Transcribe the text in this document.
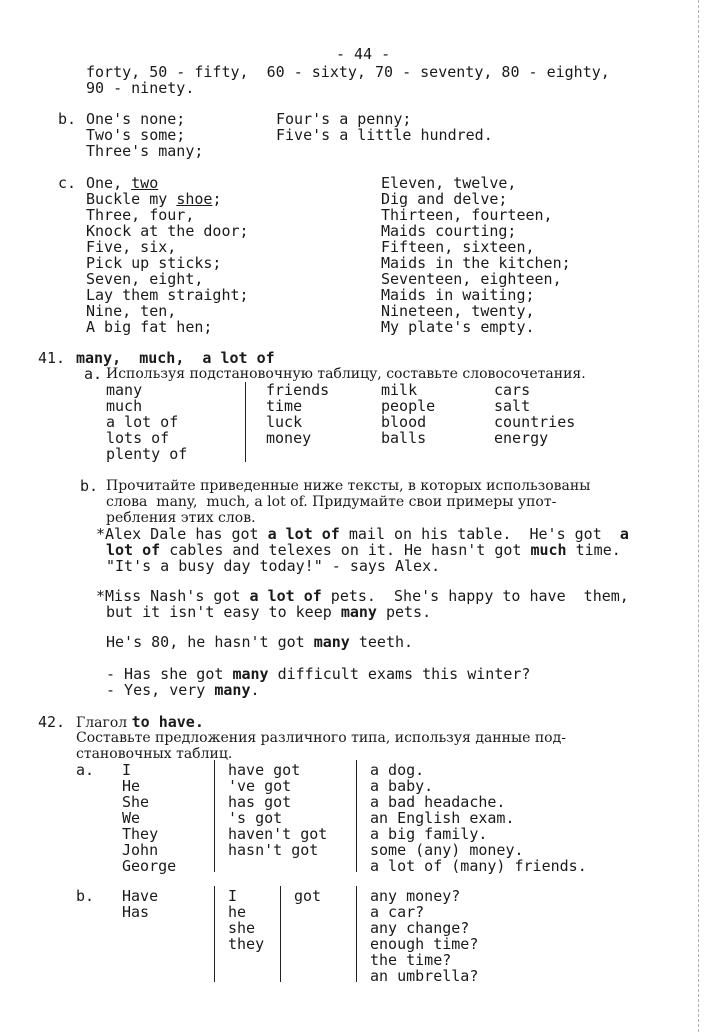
- 44 -
forty, 50 - fifty,  60 - sixty, 70 - seventy, 80 - eighty,
90 - ninety.
b. One's none;
Two's some;
Three's many;
Four's a penny;
Five's a little hundred.
c. One, two
Buckle my shoe;
Three, four,
Knock at the door;
Five, six,
Pick up sticks;
Seven, eight,
Lay them straight;
Nine, ten,
A big fat hen;
Eleven, twelve,
Dig and delve;
Thirteen, fourteen,
Maids courting;
Fifteen, sixteen,
Maids in the kitchen;
Seventeen, eighteen,
Maids in waiting;
Nineteen, twenty,
My plate's empty.
41. many,  much,  a lot of
a. Используя подстановочную таблицу, составьте словосочетания.
many
much
a lot of
lots of
plenty of
friends
time
luck
money
milk
people
blood
balls
cars
salt
countries
energy
b. Прочитайте приведенные ниже тексты, в которых использованы
слова  many,  much, a lot of. Придумайте свои примеры упот-
ребления этих слов.
*Alex Dale has got a lot of mail on his table.  He's got  a
lot of cables and telexes on it. He hasn't got much time.
"It's a busy day today!" - says Alex.
*Miss Nash's got a lot of pets.  She's happy to have  them,
but it isn't easy to keep many pets.
He's 80, he hasn't got many teeth.
- Has she got many difficult exams this winter?
- Yes, very many.
42. Глагол to have.
Составьте предложения различного типа, используя данные под-
становочных таблиц.
a. I
He
She
We
They
John
George
have got
've got
has got
's got
haven't got
hasn't got
a dog.
a baby.
a bad headache.
an English exam.
a big family.
some (any) money.
a lot of (many) friends.
b. Have
Has
I
he
she
they
got	any money?
a car?
any change?
enough time?
the time?
an umbrella?
